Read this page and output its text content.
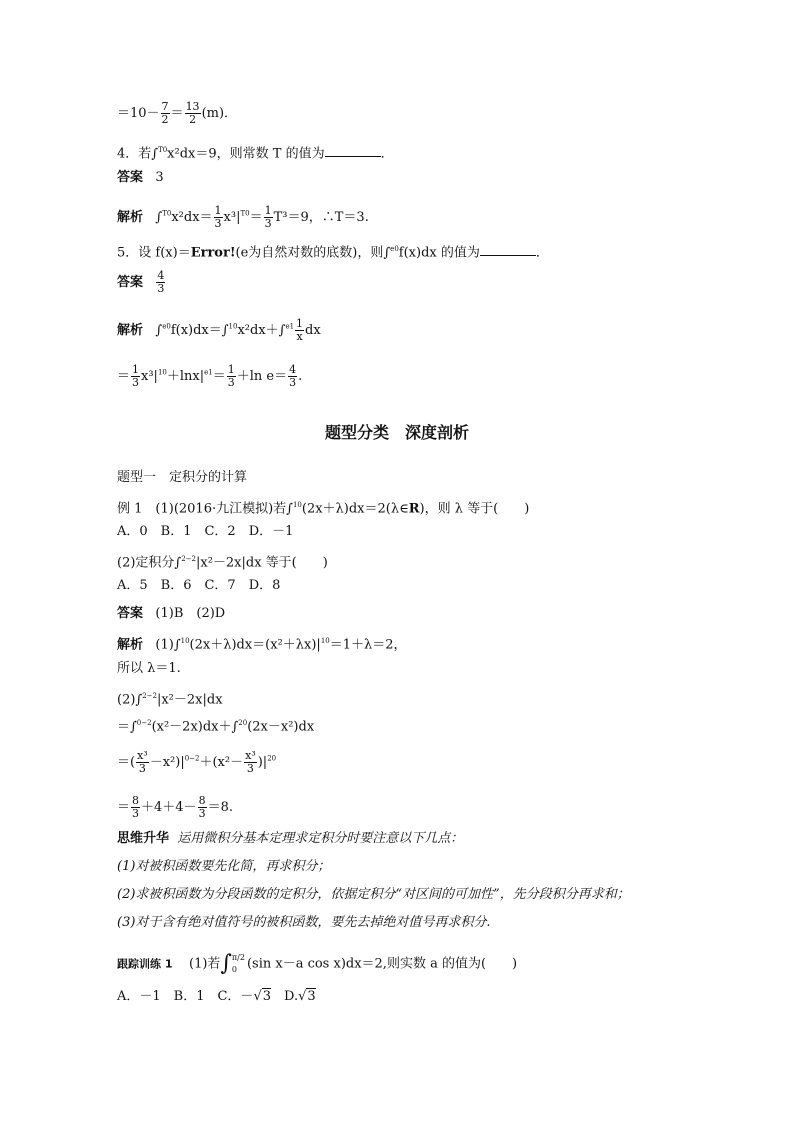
$=10- \frac{7}{2} = \frac{13}{2} (m)$．
4．若∫$^{T0}$x²dx＝9，则常数 T 的值为	．
答案 3
解析 $\int^{T0}x^2dx= \frac{1}{3} x^3|^{T0}= \frac{1}{3} T^3=9$，∴T＝3.
5．设 f(x)＝Error!(e为自然对数的底数)，则∫$^{e0}$f(x)dx 的值为	．
答案 $\frac{4}{3}$
解析 $\int^{e0}f(x)dx=\int^{10}x^2dx+\int^{e1} \frac{1}{x}$ dx
＝ $\frac{1}{3} x^3|^{10}+\ln x|^{e1}= \frac{1}{3} +\ln$ $e= \frac{4}{3}$ .
题型分类　深度剖析
题型一　定积分的计算
例 1　(1)(2016·九江模拟)若∫$^{10}$(2x＋λ)dx＝2(λ∈R)，则 λ 等于(　　)
A．0　B．1　C．2　D．－1
(2)定积分∫$^{2-2}$|x²－2x|dx 等于(　　)
A．5　B．6　C．7　D．8
答案 (1)B　(2)D
解析 $(1)\int^{10}(2x+\lambda)dx=(x^2+\lambda x)|^{10}=1+\lambda=2$，
所以 λ＝1.
(2)∫$^{2-2}$|x²－2x|dx
＝∫$^{0-2}$(x²－2x)dx＋∫$^{20}$(2x－x²)dx
＝( $\frac{\text{x³}}{3} -x^2)|^{0-2}+(x^2- \frac{\text{x³}}{3} )|^{20}$
＝ $\frac{8}{3} +4+4- \frac{8}{3} =8$.
思维升华 运用微积分基本定理求定积分时要注意以下几点：
(1)对被积函数要先化简，再求积分；
(2)求被积函数为分段函数的定积分，依据定积分“对区间的可加性”，先分段积分再求和；
(3)对于含有绝对值符号的被积函数，要先去掉绝对值号再求积分.
跟踪训练 1 (1)若∫ π/2
0 (sin x－a cos x)dx＝2,则实数 a 的值为(　　)
A．－1　B．1　C．－√3　D.√3
